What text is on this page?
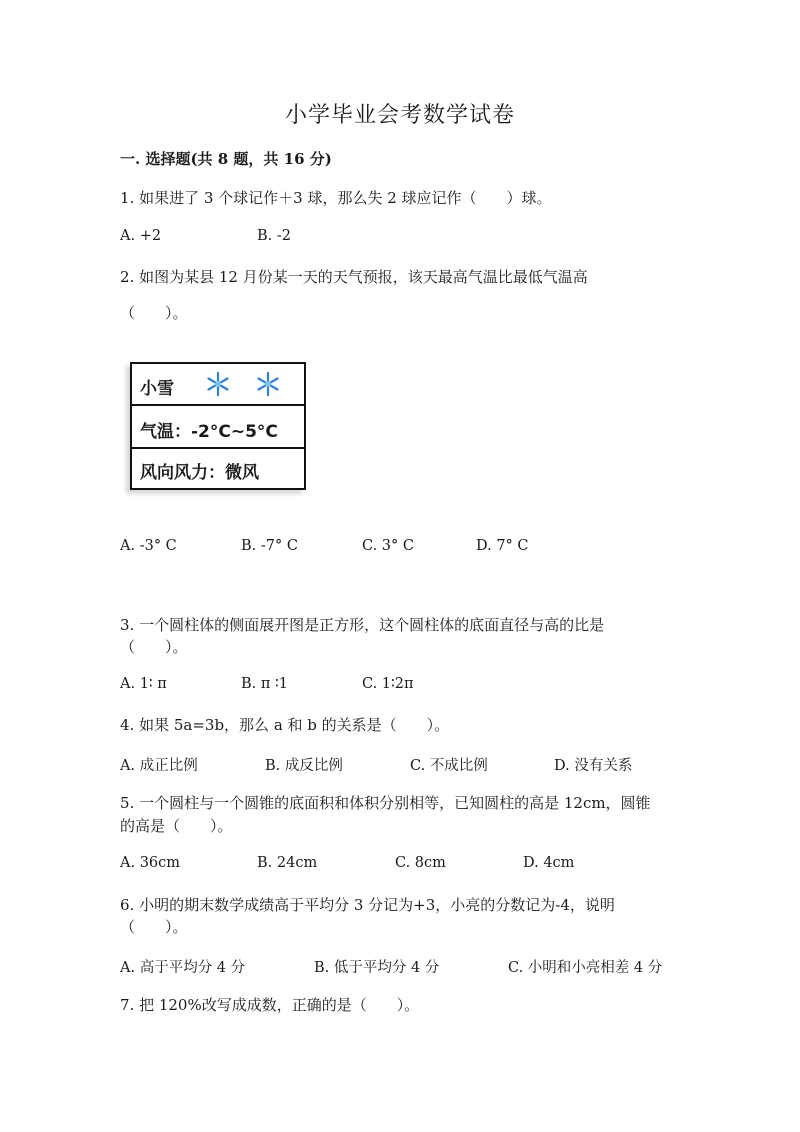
小学毕业会考数学试卷
一. 选择题(共 8 题，共 16 分)
1. 如果进了 3 个球记作＋3 球，那么失 2 球应记作（　　）球。
A. +2	B. -2
2. 如图为某县 12 月份某一天的天气预报，该天最高气温比最低气温高
（　　）。
小雪
气温：-2°C~5°C
风向风力：微风
A. -3° C	B. -7° C	C. 3° C	D. 7° C
3. 一个圆柱体的侧面展开图是正方形，这个圆柱体的底面直径与高的比是
（　　）。
A. 1∶ π	B. π ∶1	C. 1∶2π
4. 如果 5a=3b，那么 a 和 b 的关系是（　　）。
A. 成正比例	B. 成反比例	C. 不成比例	D. 没有关系
5. 一个圆柱与一个圆锥的底面积和体积分别相等，已知圆柱的高是 12cm，圆锥
的高是（　　）。
A. 36cm	B. 24cm	C. 8cm	D. 4cm
6. 小明的期末数学成绩高于平均分 3 分记为+3，小亮的分数记为-4，说明
（　　）。
A. 高于平均分 4 分	B. 低于平均分 4 分	C. 小明和小亮相差 4 分
7. 把 120%改写成成数，正确的是（　　）。
